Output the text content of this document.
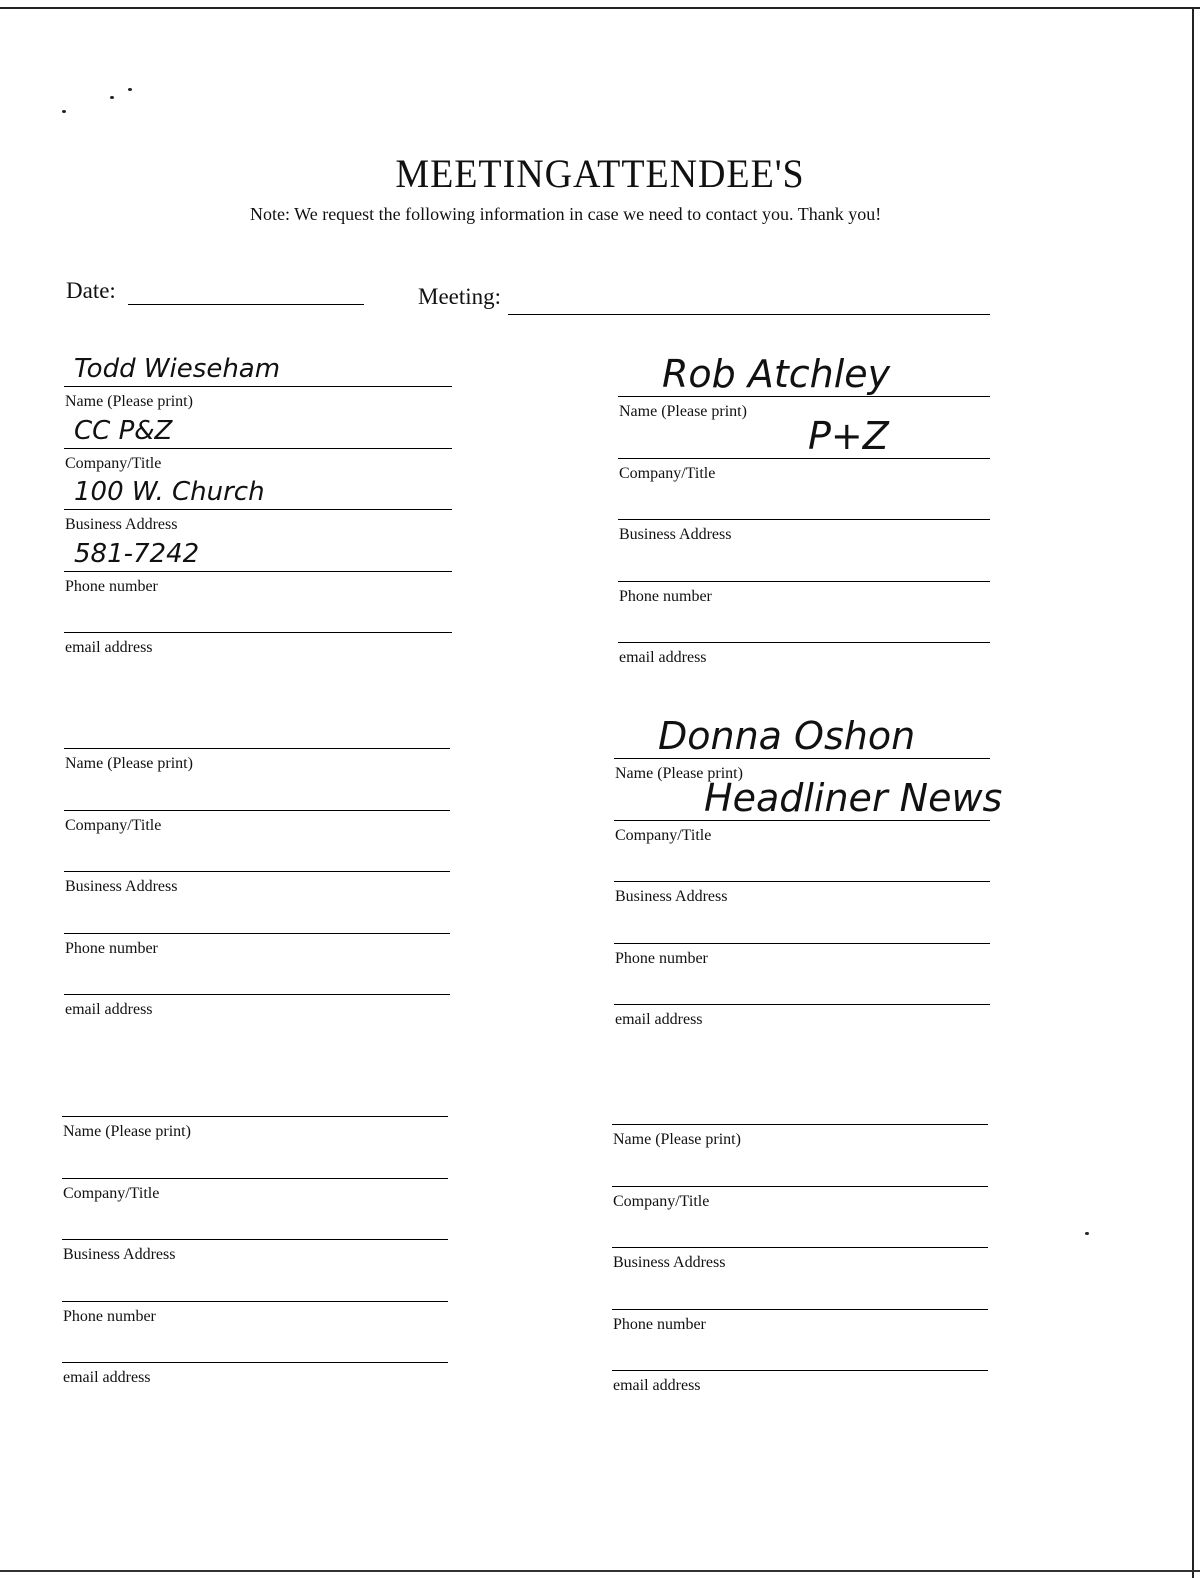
MEETINGATTENDEE'S
Note: We request the following information in case we need to contact you. Thank you!
Date:	Meeting:
Name (Please print)
Todd Wieseham
Company/Title
CC P&Z
Business Address
100 W. Church
Phone number
581-7242
email address
Name (Please print)
Rob Atchley
Company/Title
P+Z
Business Address
Phone number
email address
Name (Please print)
Company/Title
Business Address
Phone number
email address
Name (Please print)
Donna Oshon
Company/Title
Headliner News
Business Address
Phone number
email address
Name (Please print)
Company/Title
Business Address
Phone number
email address
Name (Please print)
Company/Title
Business Address
Phone number
email address
